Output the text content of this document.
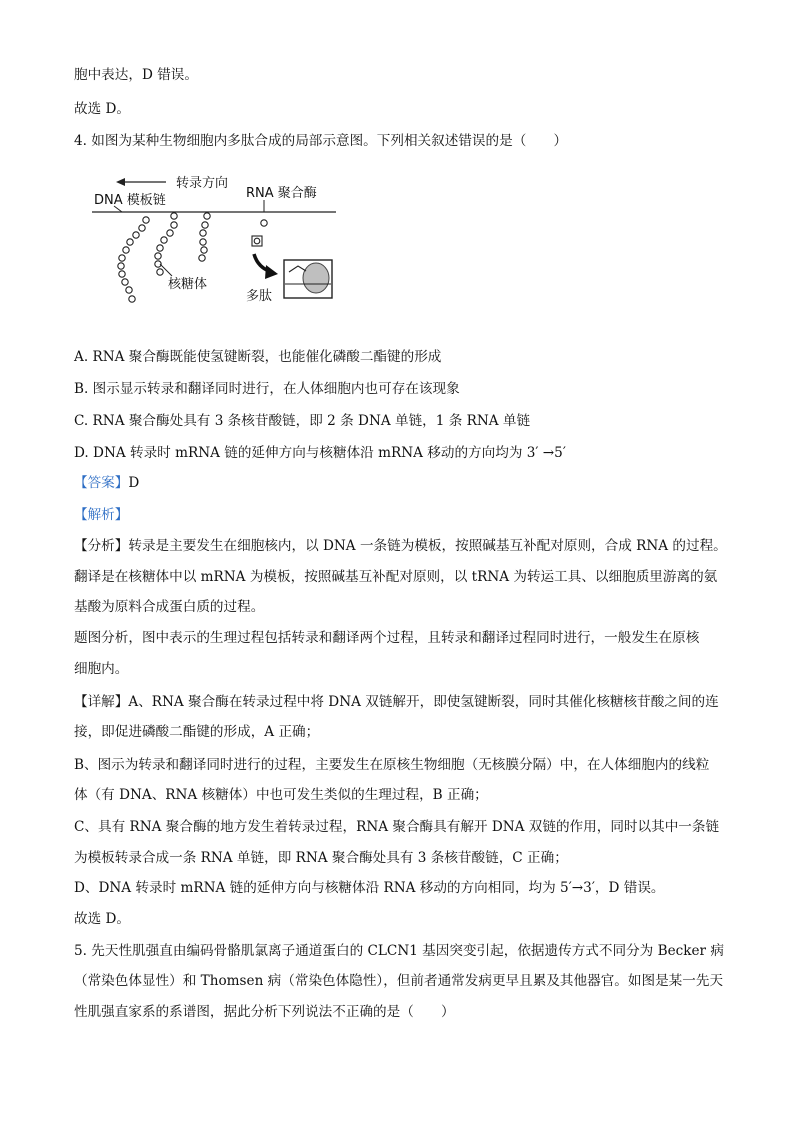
胞中表达，D 错误。
故选 D。
4. 如图为某种生物细胞内多肽合成的局部示意图。下列相关叙述错误的是（　　）
转录方向
DNA 模板链	RNA 聚合酶
核糖体
多肽
A. RNA 聚合酶既能使氢键断裂，也能催化磷酸二酯键的形成
B. 图示显示转录和翻译同时进行，在人体细胞内也可存在该现象
C. RNA 聚合酶处具有 3 条核苷酸链，即 2 条 DNA 单链，1 条 RNA 单链
D. DNA 转录时 mRNA 链的延伸方向与核糖体沿 mRNA 移动的方向均为 3′ →5′
【答案】D
【解析】
【分析】转录是主要发生在细胞核内，以 DNA 一条链为模板，按照碱基互补配对原则，合成 RNA 的过程。
翻译是在核糖体中以 mRNA 为模板，按照碱基互补配对原则，以 tRNA 为转运工具、以细胞质里游离的氨
基酸为原料合成蛋白质的过程。
题图分析，图中表示的生理过程包括转录和翻译两个过程，且转录和翻译过程同时进行，一般发生在原核
细胞内。
【详解】A、RNA 聚合酶在转录过程中将 DNA 双链解开，即使氢键断裂，同时其催化核糖核苷酸之间的连
接，即促进磷酸二酯键的形成，A 正确；
B、图示为转录和翻译同时进行的过程，主要发生在原核生物细胞（无核膜分隔）中，在人体细胞内的线粒
体（有 DNA、RNA 核糖体）中也可发生类似的生理过程，B 正确；
C、具有 RNA 聚合酶的地方发生着转录过程，RNA 聚合酶具有解开 DNA 双链的作用，同时以其中一条链
为模板转录合成一条 RNA 单链，即 RNA 聚合酶处具有 3 条核苷酸链，C 正确；
D、DNA 转录时 mRNA 链的延伸方向与核糖体沿 RNA 移动的方向相同，均为 5′→3′，D 错误。
故选 D。
5. 先天性肌强直由编码骨骼肌氯离子通道蛋白的 CLCN1 基因突变引起，依据遗传方式不同分为 Becker 病
（常染色体显性）和 Thomsen 病（常染色体隐性），但前者通常发病更早且累及其他器官。如图是某一先天
性肌强直家系的系谱图，据此分析下列说法不正确的是（　　）
